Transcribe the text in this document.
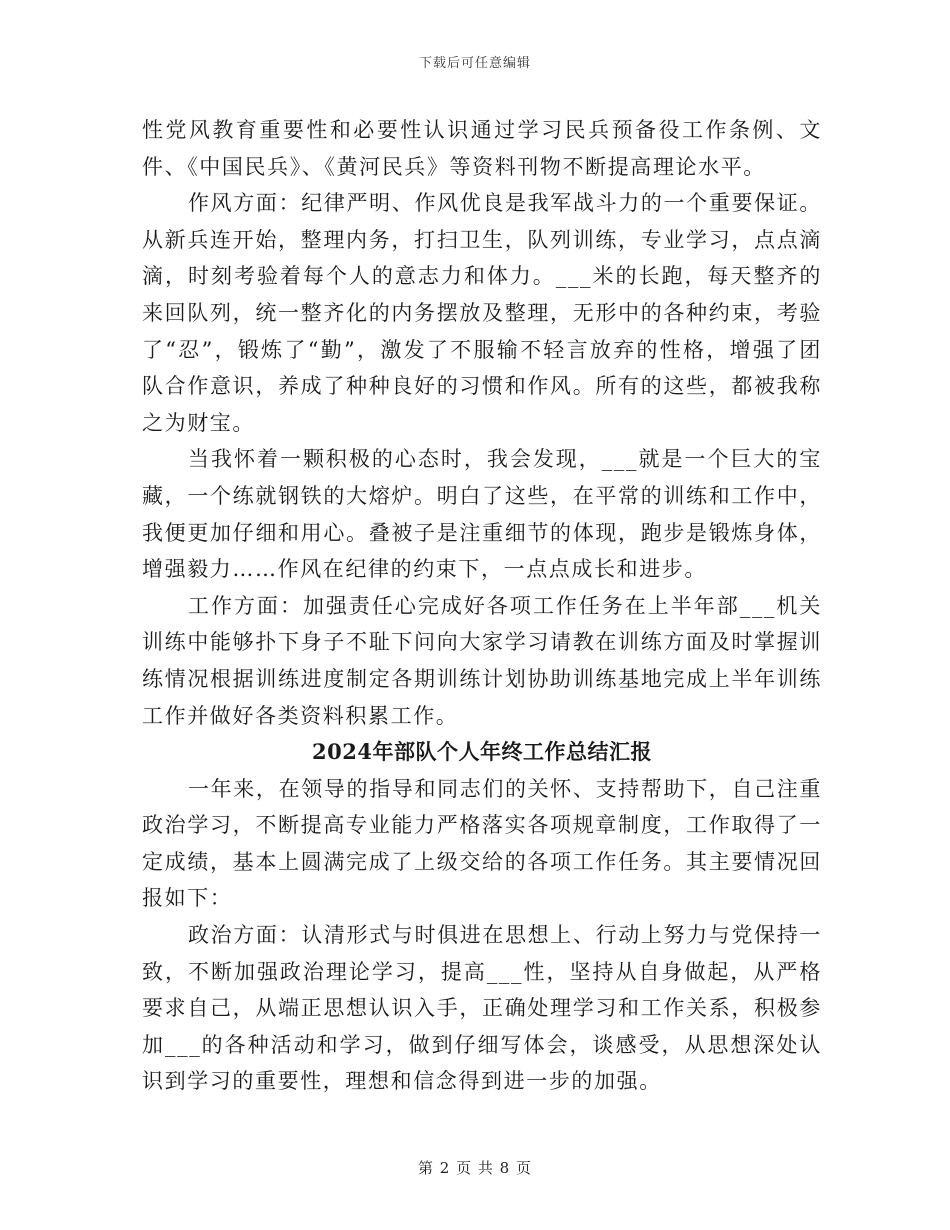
下载后可任意编辑

性党风教育重要性和必要性认识通过学习民兵预备役工作条例、文件、《中国民兵》、《黄河民兵》等资料刊物不断提高理论水平。

作风方面：纪律严明、作风优良是我军战斗力的一个重要保证。从新兵连开始，整理内务，打扫卫生，队列训练，专业学习，点点滴滴，时刻考验着每个人的意志力和体力。___米的长跑，每天整齐的来回队列，统一整齐化的内务摆放及整理，无形中的各种约束，考验了“忍”，锻炼了“勤”，激发了不服输不轻言放弃的性格，增强了团队合作意识，养成了种种良好的习惯和作风。所有的这些，都被我称之为财宝。

当我怀着一颗积极的心态时，我会发现，___就是一个巨大的宝藏，一个练就钢铁的大熔炉。明白了这些，在平常的训练和工作中，我便更加仔细和用心。叠被子是注重细节的体现，跑步是锻炼身体，增强毅力……作风在纪律的约束下，一点点成长和进步。

工作方面：加强责任心完成好各项工作任务在上半年部___机关训练中能够扑下身子不耻下问向大家学习请教在训练方面及时掌握训练情况根据训练进度制定各期训练计划协助训练基地完成上半年训练工作并做好各类资料积累工作。

2024年部队个人年终工作总结汇报

一年来，在领导的指导和同志们的关怀、支持帮助下，自己注重政治学习，不断提高专业能力严格落实各项规章制度，工作取得了一定成绩，基本上圆满完成了上级交给的各项工作任务。其主要情况回报如下：

政治方面：认清形式与时俱进在思想上、行动上努力与党保持一致，不断加强政治理论学习，提高___性，坚持从自身做起，从严格要求自己，从端正思想认识入手，正确处理学习和工作关系，积极参加___的各种活动和学习，做到仔细写体会，谈感受，从思想深处认识到学习的重要性，理想和信念得到进一步的加强。

第 2 页 共 8 页
